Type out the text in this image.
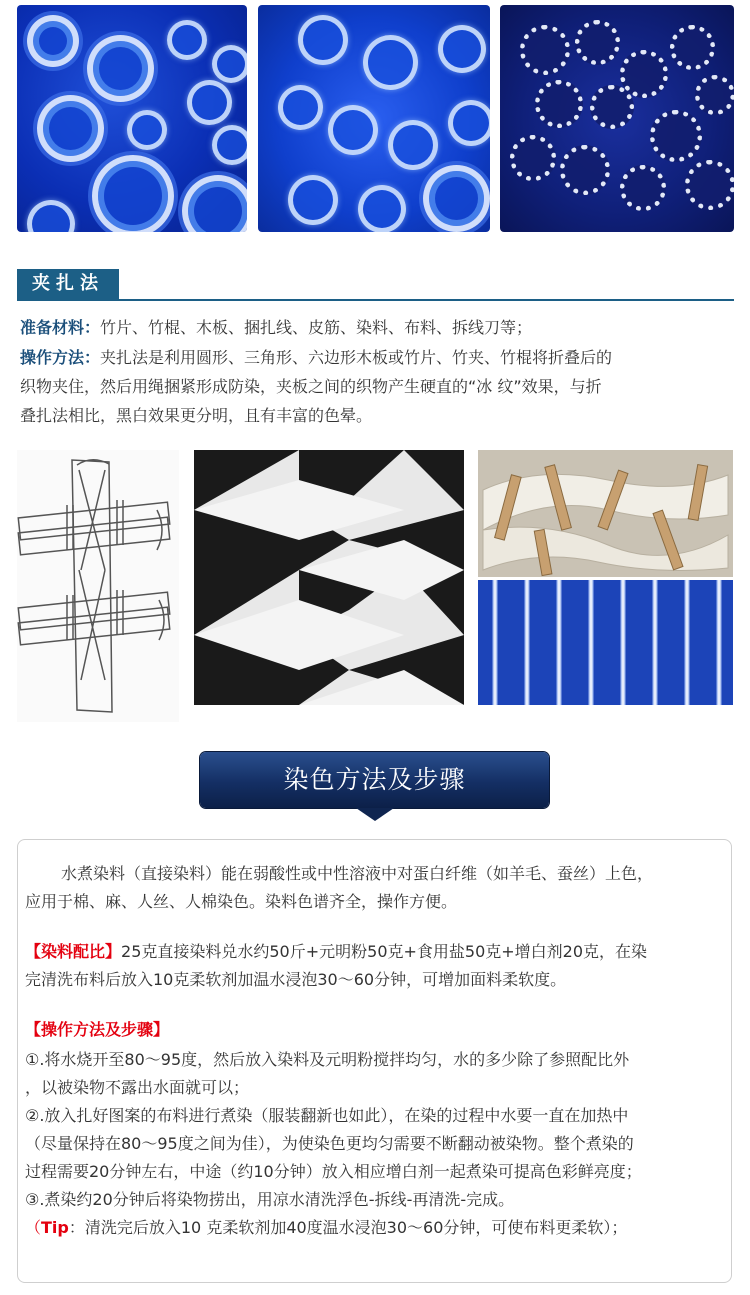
夹扎法
准备材料：竹片、竹棍、木板、捆扎线、皮筋、染料、布料、拆线刀等；
操作方法：夹扎法是利用圆形、三角形、六边形木板或竹片、竹夹、竹棍将折叠后的
织物夹住，然后用绳捆紧形成防染，夹板之间的织物产生硬直的“冰 纹”效果，与折
叠扎法相比，黑白效果更分明，且有丰富的色晕。
染色方法及步骤
水煮染料（直接染料）能在弱酸性或中性溶液中对蛋白纤维（如羊毛、蚕丝）上色，
应用于棉、麻、人丝、人棉染色。染料色谱齐全，操作方便。
【染料配比】25克直接染料兑水约50斤+元明粉50克+食用盐50克+增白剂20克，在染
完清洗布料后放入10克柔软剂加温水浸泡30～60分钟，可增加面料柔软度。
【操作方法及步骤】
①.将水烧开至80～95度，然后放入染料及元明粉搅拌均匀，水的多少除了参照配比外
，以被染物不露出水面就可以；
②.放入扎好图案的布料进行煮染（服装翻新也如此），在染的过程中水要一直在加热中
（尽量保持在80～95度之间为佳），为使染色更均匀需要不断翻动被染物。整个煮染的
过程需要20分钟左右，中途（约10分钟）放入相应增白剂一起煮染可提高色彩鲜亮度；
③.煮染约20分钟后将染物捞出，用凉水清洗浮色-拆线-再清洗-完成。
（Tip：清洗完后放入10 克柔软剂加40度温水浸泡30～60分钟，可使布料更柔软）；
